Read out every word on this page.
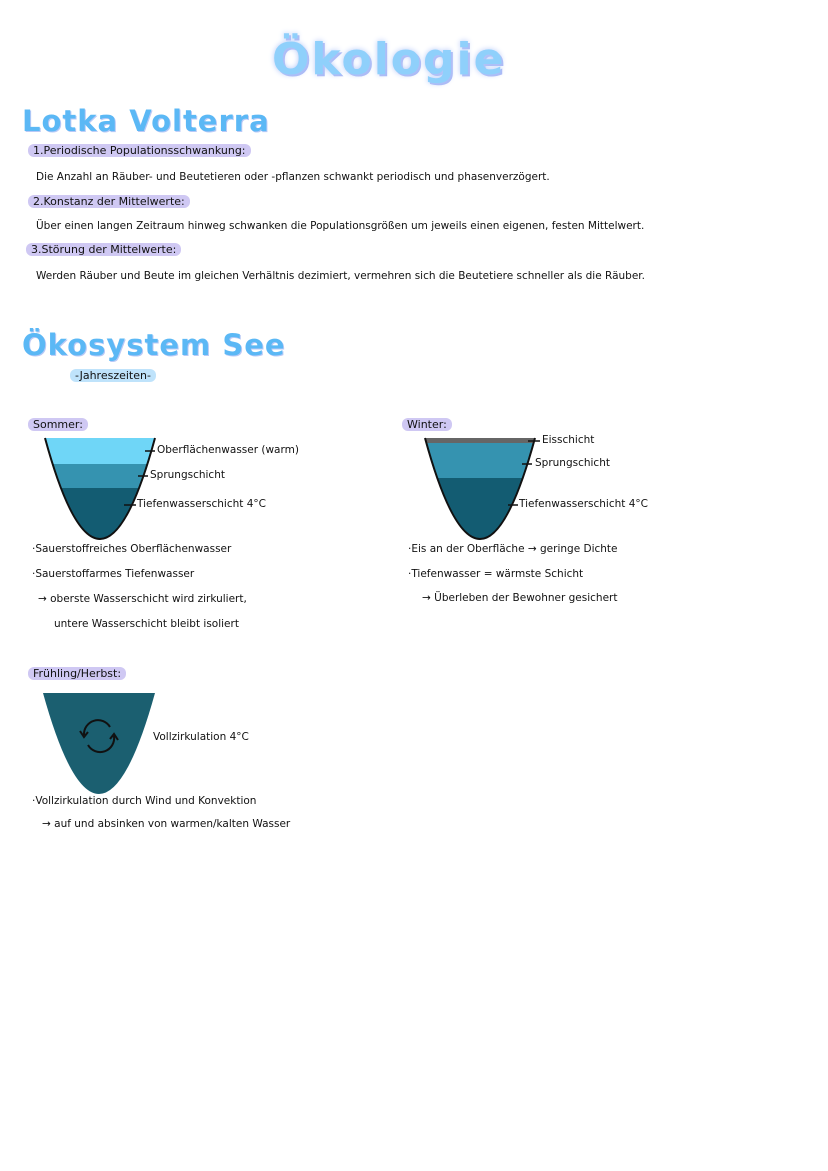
Ökologie
Lotka Volterra
1.Periodische Populationsschwankung:
Die Anzahl an Räuber- und Beutetieren oder -pflanzen schwankt periodisch und phasenverzögert.
2.Konstanz der Mittelwerte:
Über einen langen Zeitraum hinweg schwanken die Populationsgrößen um jeweils einen eigenen, festen Mittelwert.
3.Störung der Mittelwerte:
Werden Räuber und Beute im gleichen Verhältnis dezimiert, vermehren sich die Beutetiere schneller als die Räuber.
Ökosystem See
-Jahreszeiten-
Sommer:
Oberflächenwasser (warm)
Sprungschicht
Tiefenwasserschicht 4°C
·Sauerstoffreiches Oberflächenwasser
·Sauerstoffarmes Tiefenwasser
→ oberste Wasserschicht wird zirkuliert,
untere Wasserschicht bleibt isoliert
Winter:
Eisschicht
Sprungschicht
Tiefenwasserschicht 4°C
·Eis an der Oberfläche → geringe Dichte
·Tiefenwasser = wärmste Schicht
→ Überleben der Bewohner gesichert
Frühling/Herbst:
Vollzirkulation 4°C
·Vollzirkulation durch Wind und Konvektion
→ auf und absinken von warmen/kalten Wasser
